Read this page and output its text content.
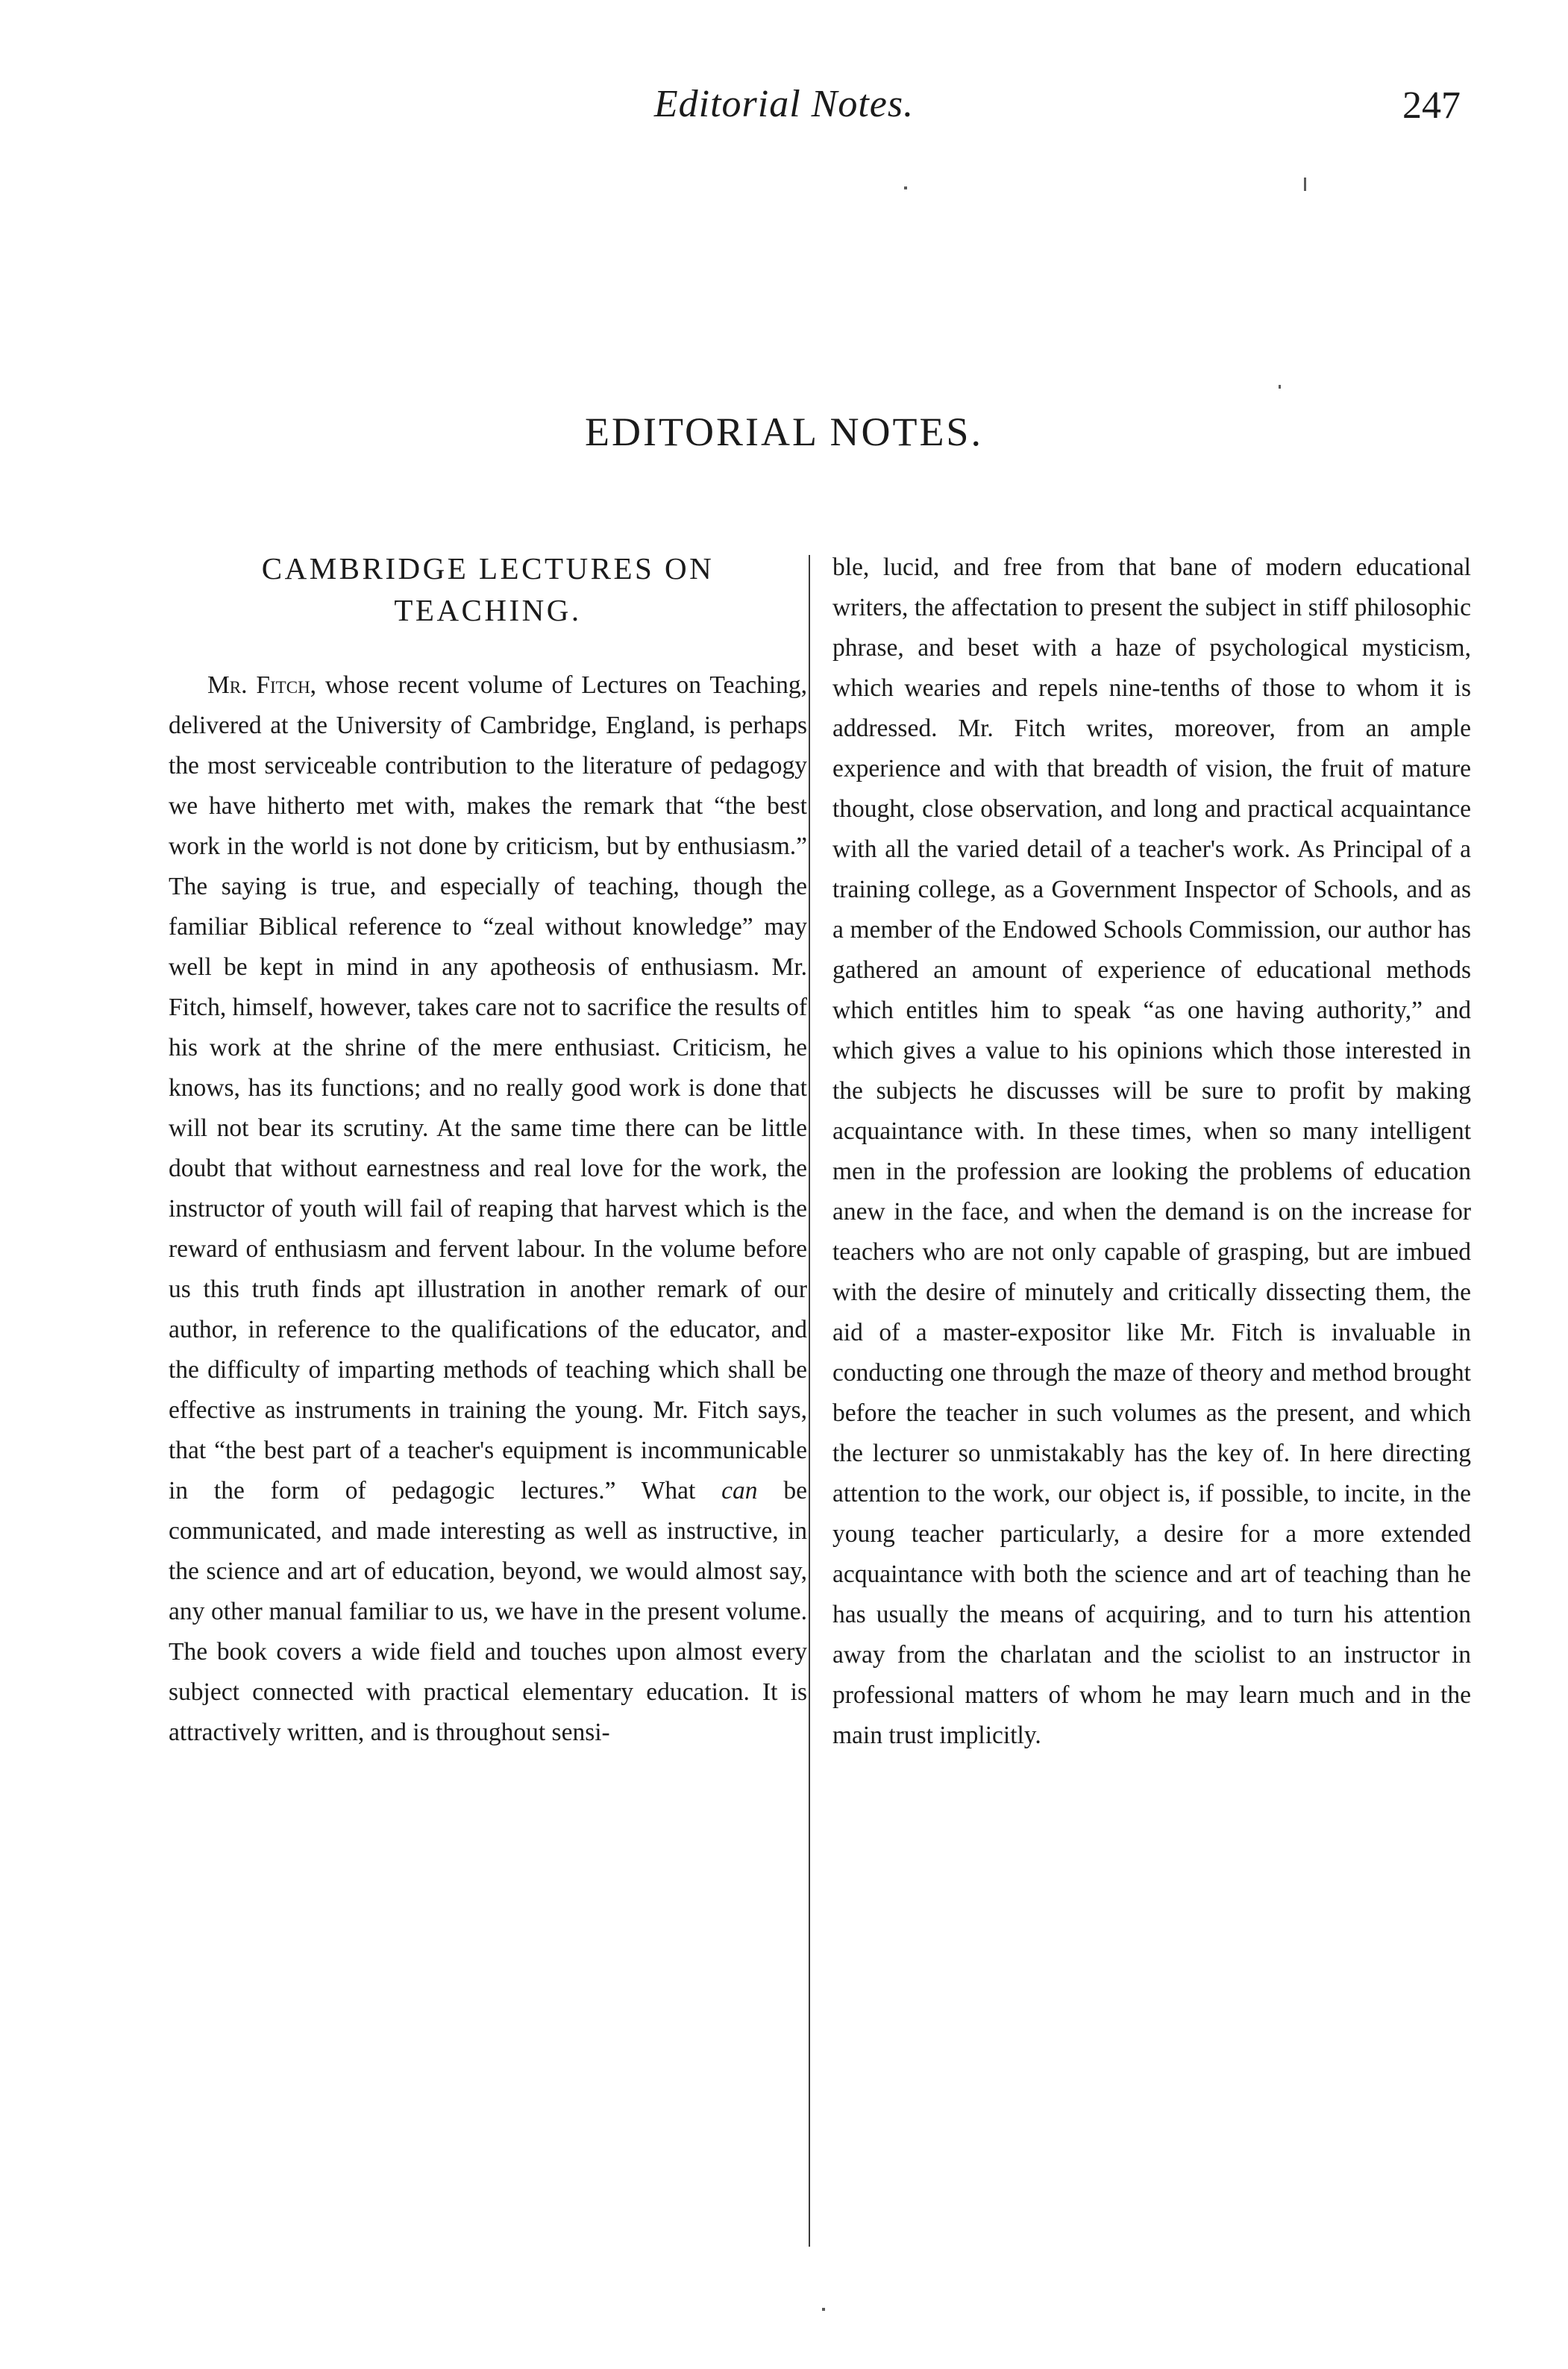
Editorial Notes.	247
EDITORIAL NOTES.
CAMBRIDGE LECTURES ON
TEACHING.

Mr. Fitch, whose recent volume of Lectures on Teaching, delivered at the University of Cambridge, England, is perhaps the most serviceable contribution to the literature of pedagogy we have hitherto met with, makes the remark that “the best work in the world is not done by criticism, but by enthusiasm.” The saying is true, and especially of teaching, though the familiar Biblical reference to “zeal without knowledge” may well be kept in mind in any apotheosis of enthusiasm. Mr. Fitch, himself, however, takes care not to sacrifice the results of his work at the shrine of the mere enthusiast. Criticism, he knows, has its functions; and no really good work is done that will not bear its scrutiny. At the same time there can be little doubt that without earnestness and real love for the work, the instructor of youth will fail of reaping that harvest which is the reward of enthusiasm and fervent labour. In the volume before us this truth finds apt illustration in another remark of our author, in reference to the qualifications of the educator, and the difficulty of imparting methods of teaching which shall be effective as instruments in training the young. Mr. Fitch says, that “the best part of a teacher's equipment is incommunicable in the form of pedagogic lectures.” What can be communicated, and made interesting as well as instructive, in the science and art of education, beyond, we would almost say, any other manual familiar to us, we have in the present volume. The book covers a wide field and touches upon almost every subject connected with practical elementary education. It is attractively written, and is throughout sensi-

ble, lucid, and free from that bane of modern educational writers, the affectation to present the subject in stiff philosophic phrase, and beset with a haze of psychological mysticism, which wearies and repels nine-tenths of those to whom it is addressed. Mr. Fitch writes, moreover, from an ample experience and with that breadth of vision, the fruit of mature thought, close observation, and long and practical acquaintance with all the varied detail of a teacher's work. As Principal of a training college, as a Government Inspector of Schools, and as a member of the Endowed Schools Commission, our author has gathered an amount of experience of educational methods which entitles him to speak “as one having authority,” and which gives a value to his opinions which those interested in the subjects he discusses will be sure to profit by making acquaintance with. In these times, when so many intelligent men in the profession are looking the problems of education anew in the face, and when the demand is on the increase for teachers who are not only capable of grasping, but are imbued with the desire of minutely and critically dissecting them, the aid of a master-expositor like Mr. Fitch is invaluable in conducting one through the maze of theory and method brought before the teacher in such volumes as the present, and which the lecturer so unmistakably has the key of. In here directing attention to the work, our object is, if possible, to incite, in the young teacher particularly, a desire for a more extended acquaintance with both the science and art of teaching than he has usually the means of acquiring, and to turn his attention away from the charlatan and the sciolist to an instructor in professional matters of whom he may learn much and in the main trust implicitly.
